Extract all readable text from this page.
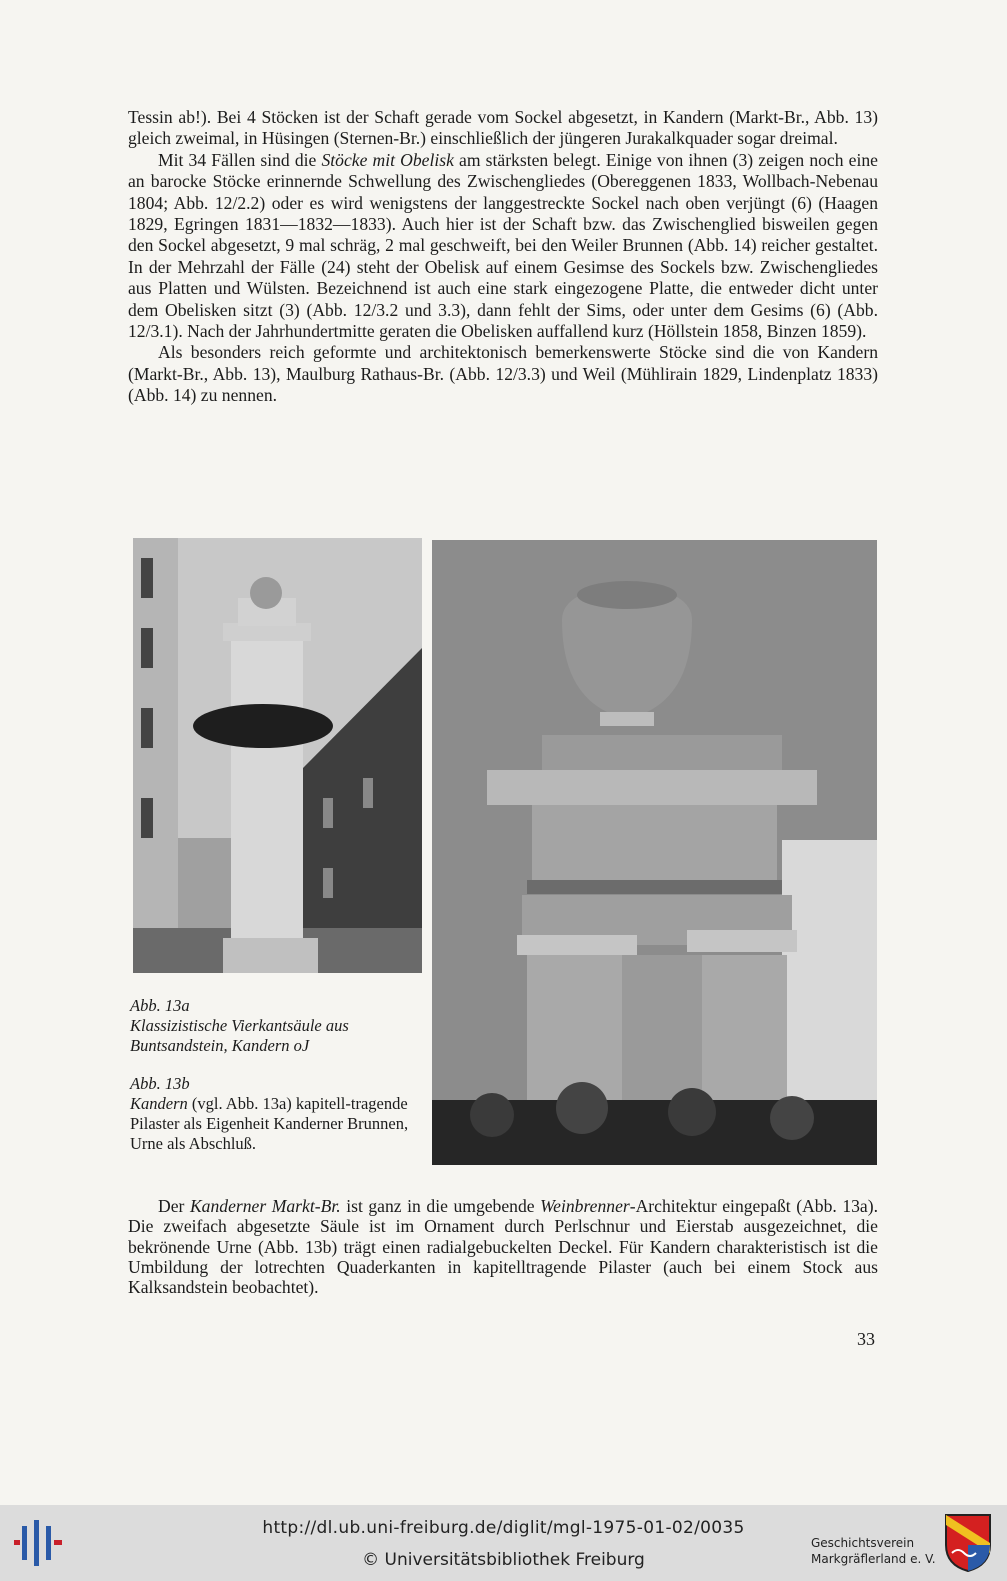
Tessin ab!). Bei 4 Stöcken ist der Schaft gerade vom Sockel abgesetzt, in Kandern (Markt-Br., Abb. 13) gleich zweimal, in Hüsingen (Sternen-Br.) einschließlich der jüngeren Jurakalkquader sogar dreimal.

Mit 34 Fällen sind die Stöcke mit Obelisk am stärksten belegt. Einige von ihnen (3) zeigen noch eine an barocke Stöcke erinnernde Schwellung des Zwischengliedes (Obereggenen 1833, Wollbach-Nebenau 1804; Abb. 12/2.2) oder es wird wenigstens der langgestreckte Sockel nach oben verjüngt (6) (Haagen 1829, Egringen 1831—1832—1833). Auch hier ist der Schaft bzw. das Zwischenglied bisweilen gegen den Sockel abgesetzt, 9 mal schräg, 2 mal geschweift, bei den Weiler Brunnen (Abb. 14) reicher gestaltet. In der Mehrzahl der Fälle (24) steht der Obelisk auf einem Gesimse des Sockels bzw. Zwischengliedes aus Platten und Wülsten. Bezeichnend ist auch eine stark eingezogene Platte, die entweder dicht unter dem Obelisken sitzt (3) (Abb. 12/3.2 und 3.3), dann fehlt der Sims, oder unter dem Gesims (6) (Abb. 12/3.1). Nach der Jahrhundertmitte geraten die Obelisken auffallend kurz (Höllstein 1858, Binzen 1859).

Als besonders reich geformte und architektonisch bemerkenswerte Stöcke sind die von Kandern (Markt-Br., Abb. 13), Maulburg Rathaus-Br. (Abb. 12/3.3) und Weil (Mühlirain 1829, Lindenplatz 1833) (Abb. 14) zu nennen.

Abb. 13a
Klassizistische Vierkantsäule aus Buntsandstein, Kandern oJ
Abb. 13b
Kandern (vgl. Abb. 13a) kapitell-tragende Pilaster als Eigenheit Kanderner Brunnen, Urne als Abschluß.

Der Kanderner Markt-Br. ist ganz in die umgebende Weinbrenner-Architektur eingepaßt (Abb. 13a). Die zweifach abgesetzte Säule ist im Ornament durch Perlschnur und Eierstab ausgezeichnet, die bekrönende Urne (Abb. 13b) trägt einen radialgebuckelten Deckel. Für Kandern charakteristisch ist die Umbildung der lotrechten Quaderkanten in kapitelltragende Pilaster (auch bei einem Stock aus Kalksandstein beobachtet).

33
http://dl.ub.uni-freiburg.de/diglit/mgl-1975-01-02/0035
© Universitätsbibliothek Freiburg
Geschichtsverein
Markgräflerland e. V.
